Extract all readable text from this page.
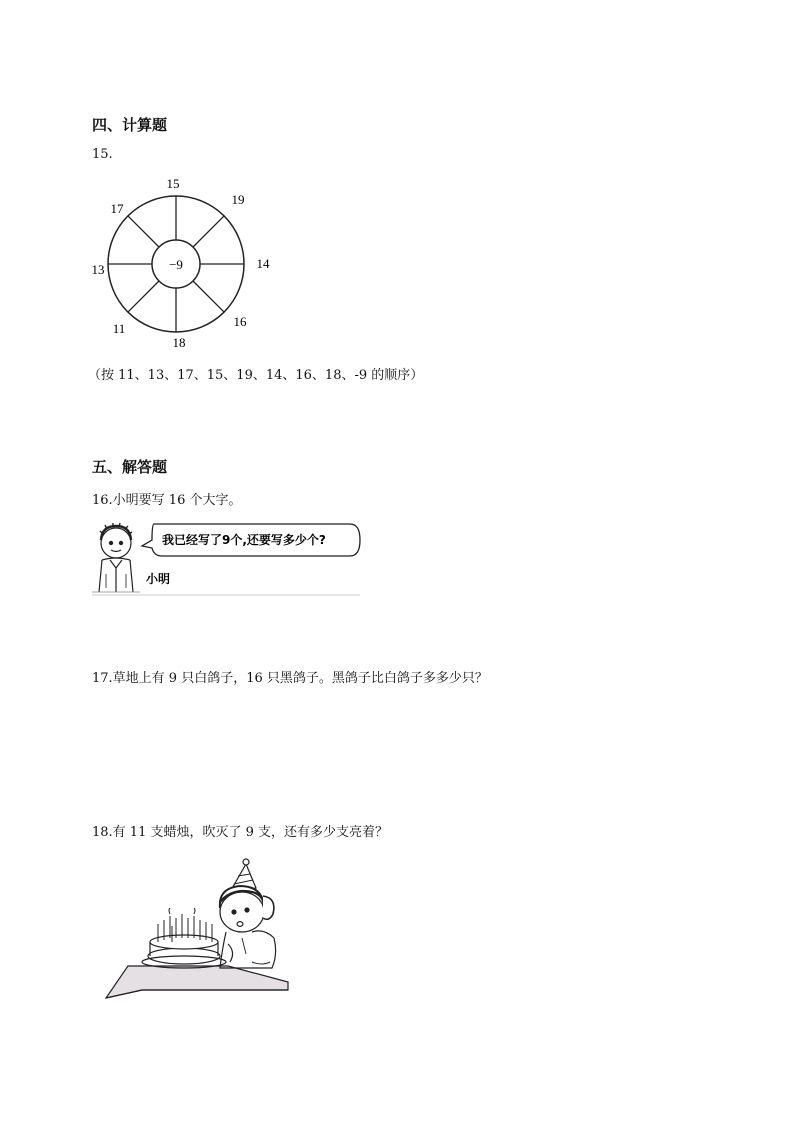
四、计算题
15.
−9
15
19
14
16
18
11
13
17
（按 11、13、17、15、19、14、16、18、-9 的顺序）
五、解答题
16.小明要写 16 个大字。
我已经写了9个,还要写多少个?
小明
17.草地上有 9 只白鸽子，16 只黑鸽子。黑鸽子比白鸽子多多少只？
18.有 11 支蜡烛，吹灭了 9 支，还有多少支亮着？
